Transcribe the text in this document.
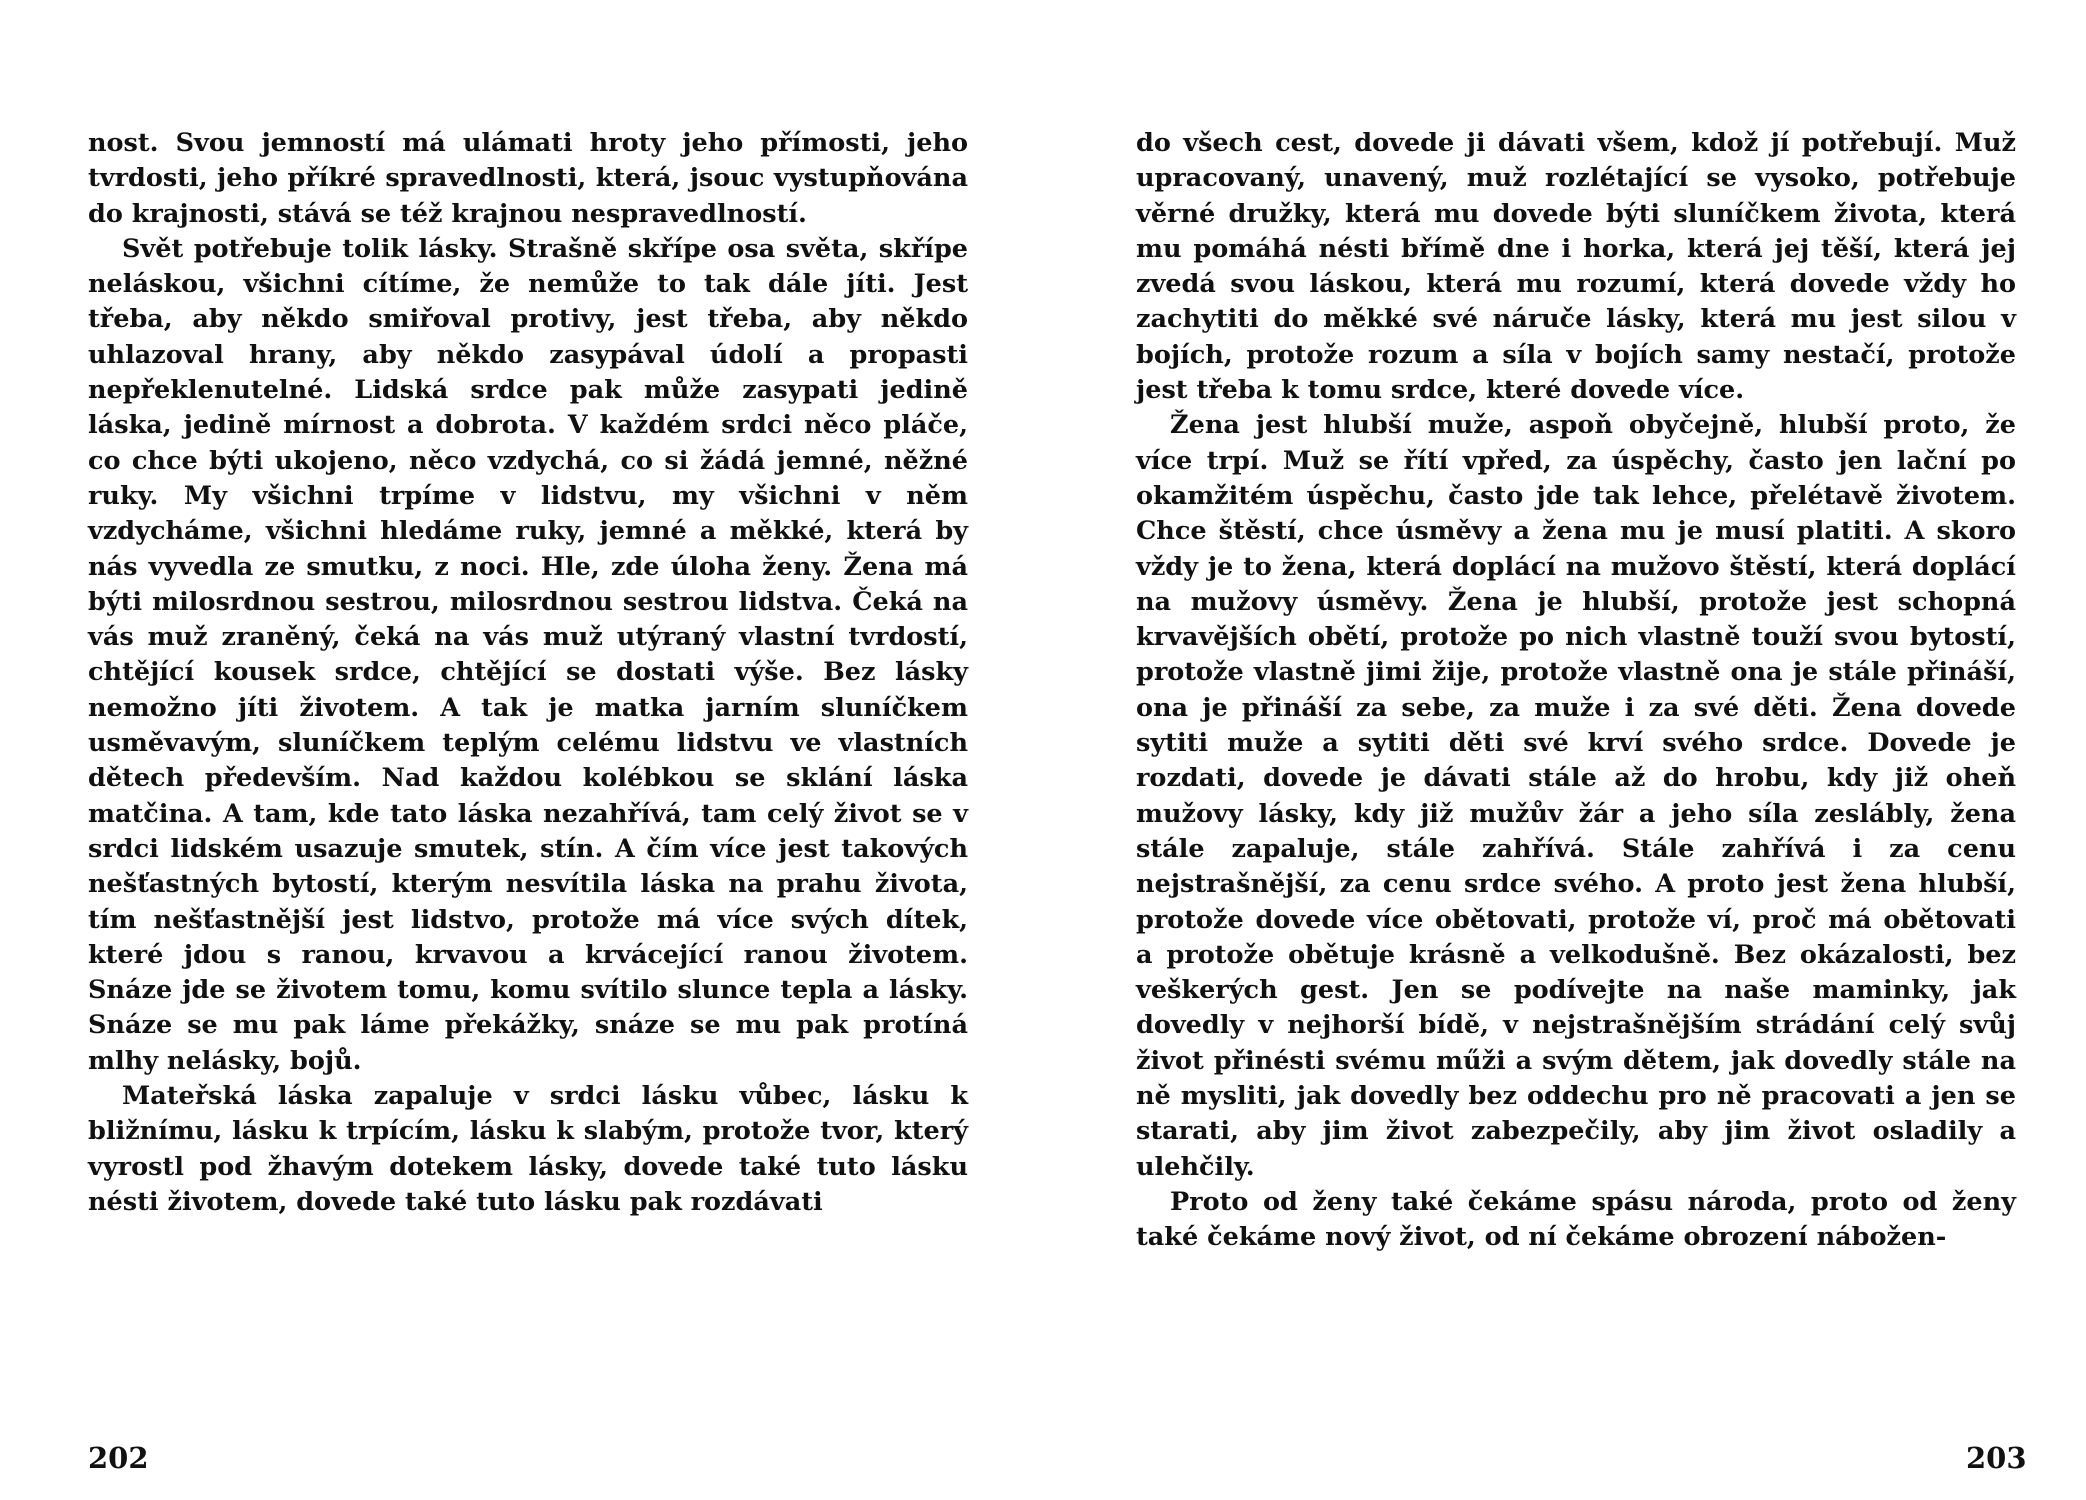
nost. Svou jemností má ulámati hroty jeho přímosti, jeho tvrdosti, jeho příkré spravedlnosti, která, jsouc vystupňována do krajnosti, stává se též krajnou nespravedlností.

Svět potřebuje tolik lásky. Strašně skřípe osa světa, skřípe neláskou, všichni cítíme, že nemůže to tak dále jíti. Jest třeba, aby někdo smiřoval protivy, jest třeba, aby někdo uhlazoval hrany, aby někdo zasypával údolí a propasti nepřeklenutelné. Lidská srdce pak může zasypati jedině láska, jedině mírnost a dobrota. V každém srdci něco pláče, co chce býti ukojeno, něco vzdychá, co si žádá jemné, něžné ruky. My všichni trpíme v lidstvu, my všichni v něm vzdycháme, všichni hledáme ruky, jemné a měkké, která by nás vyvedla ze smutku, z noci. Hle, zde úloha ženy. Žena má býti milosrdnou sestrou, milosrdnou sestrou lidstva. Čeká na vás muž zraněný, čeká na vás muž utýraný vlastní tvrdostí, chtějící kousek srdce, chtějící se dostati výše. Bez lásky nemožno jíti životem. A tak je matka jarním sluníčkem usměvavým, sluníčkem teplým celému lidstvu ve vlastních dětech především. Nad každou kolébkou se sklání láska matčina. A tam, kde tato láska nezahřívá, tam celý život se v srdci lidském usazuje smutek, stín. A čím více jest takových nešťastných bytostí, kterým nesvítila láska na prahu života, tím nešťastnější jest lidstvo, protože má více svých dítek, které jdou s ranou, krvavou a krvácející ranou životem. Snáze jde se životem tomu, komu svítilo slunce tepla a lásky. Snáze se mu pak láme překážky, snáze se mu pak protíná mlhy nelásky, bojů.

Mateřská láska zapaluje v srdci lásku vůbec, lásku k bližnímu, lásku k trpícím, lásku k slabým, protože tvor, který vyrostl pod žhavým dotekem lásky, dovede také tuto lásku nésti životem, dovede také tuto lásku pak rozdávati

202

do všech cest, dovede ji dávati všem, kdož jí potřebují. Muž upracovaný, unavený, muž rozlétající se vysoko, potřebuje věrné družky, která mu dovede býti sluníčkem života, která mu pomáhá nésti břímě dne i horka, která jej těší, která jej zvedá svou láskou, která mu rozumí, která dovede vždy ho zachytiti do měkké své náruče lásky, která mu jest silou v bojích, protože rozum a síla v bojích samy nestačí, protože jest třeba k tomu srdce, které dovede více.

Žena jest hlubší muže, aspoň obyčejně, hlubší proto, že více trpí. Muž se řítí vpřed, za úspěchy, často jen lační po okamžitém úspěchu, často jde tak lehce, přelétavě životem. Chce štěstí, chce úsměvy a žena mu je musí platiti. A skoro vždy je to žena, která doplácí na mužovo štěstí, která doplácí na mužovy úsměvy. Žena je hlubší, protože jest schopná krvavějších obětí, protože po nich vlastně touží svou bytostí, protože vlastně jimi žije, protože vlastně ona je stále přináší, ona je přináší za sebe, za muže i za své děti. Žena dovede sytiti muže a sytiti děti své krví svého srdce. Dovede je rozdati, dovede je dávati stále až do hrobu, kdy již oheň mužovy lásky, kdy již mužův žár a jeho síla zeslábly, žena stále zapaluje, stále zahřívá. Stále zahřívá i za cenu nejstrašnější, za cenu srdce svého. A proto jest žena hlubší, protože dovede více obětovati, protože ví, proč má obětovati a protože obětuje krásně a velkodušně. Bez okázalosti, bez veškerých gest. Jen se podívejte na naše maminky, jak dovedly v nejhorší bídě, v nejstrašnějším strádání celý svůj život přinésti svému műži a svým dětem, jak dovedly stále na ně mysliti, jak dovedly bez oddechu pro ně pracovati a jen se starati, aby jim život zabezpečily, aby jim život osladily a ulehčily.

Proto od ženy také čekáme spásu národa, proto od ženy také čekáme nový život, od ní čekáme obrození nábožen-

203
